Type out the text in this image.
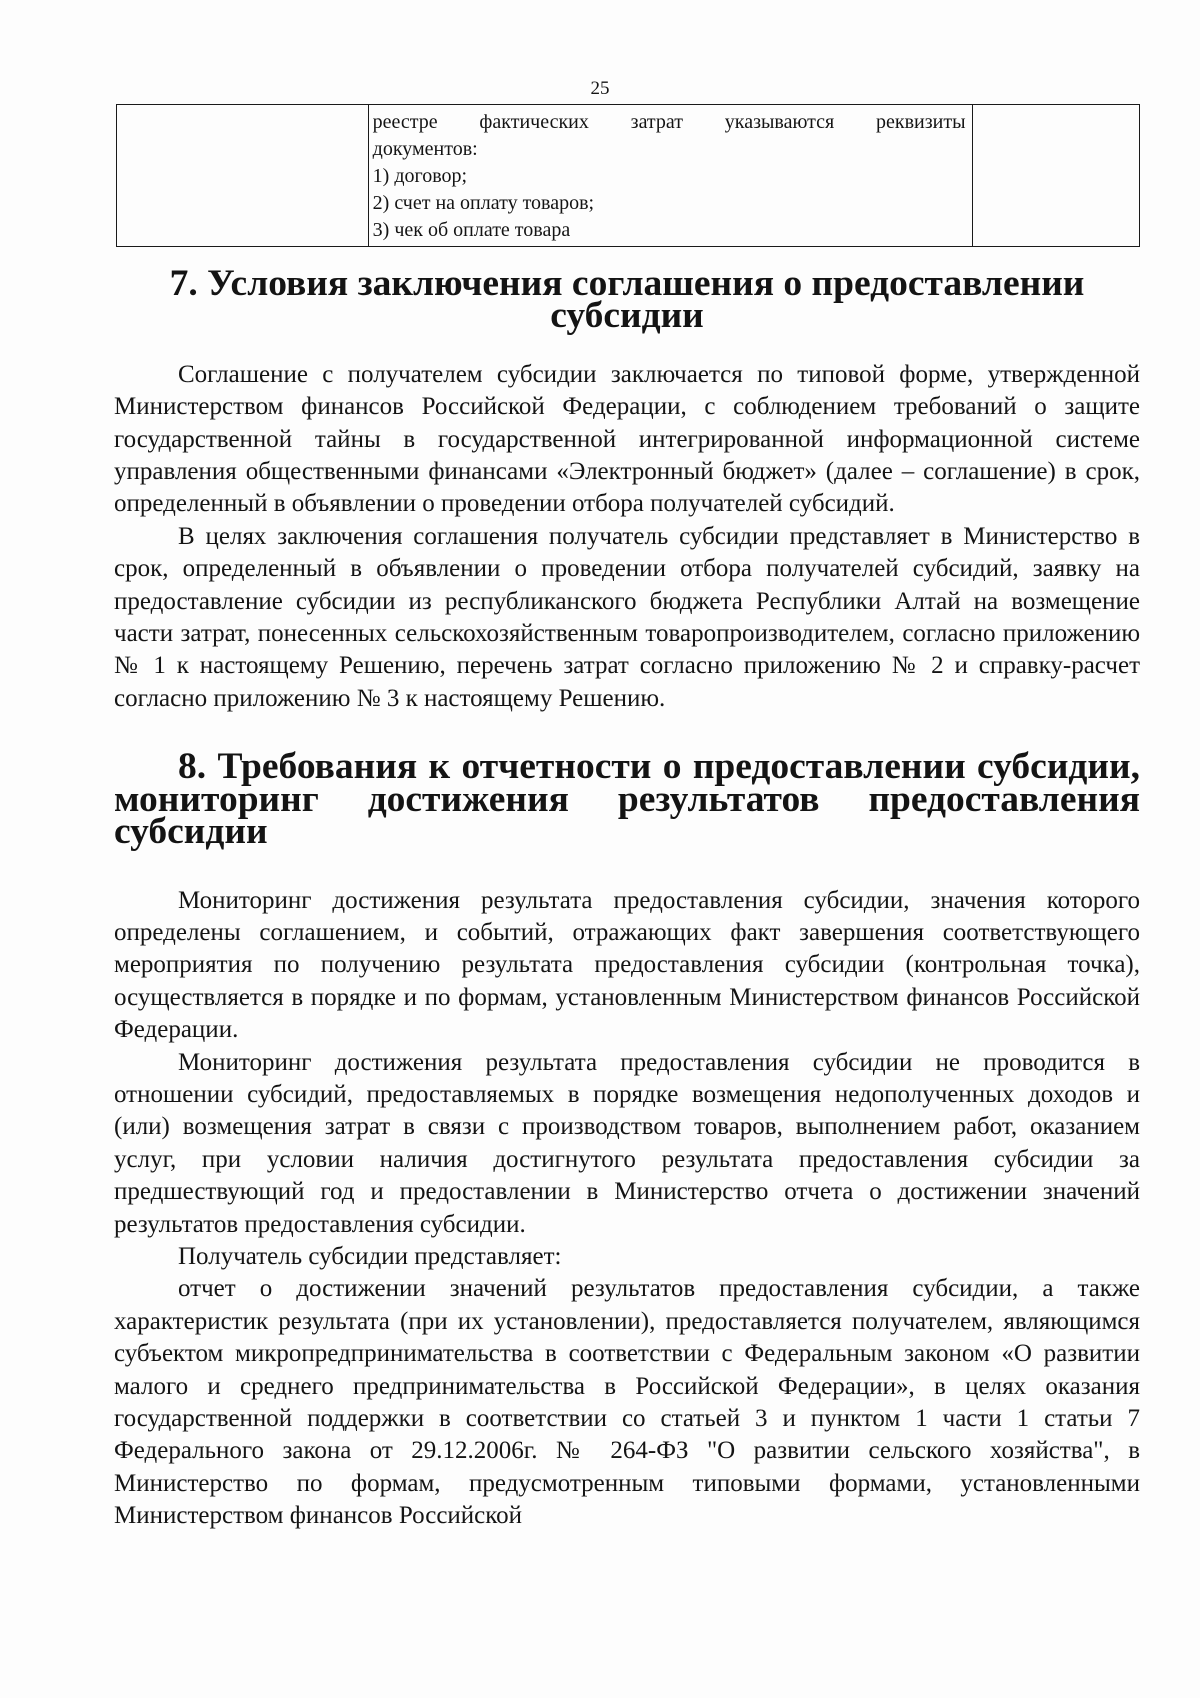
25

реестре фактических затрат указываются реквизиты
документов:
1) договор;
2) счет на оплату товаров;
3) чек об оплате товара

7. Условия заключения соглашения о предоставлении субсидии

Соглашение с получателем субсидии заключается по типовой форме, утвержденной Министерством финансов Российской Федерации, с соблюдением требований о защите государственной тайны в государственной интегрированной информационной системе управления общественными финансами «Электронный бюджет» (далее – соглашение) в срок, определенный в объявлении о проведении отбора получателей субсидий.

В целях заключения соглашения получатель субсидии представляет в Министерство в срок, определенный в объявлении о проведении отбора получателей субсидий, заявку на предоставление субсидии из республиканского бюджета Республики Алтай на возмещение части затрат, понесенных сельскохозяйственным товаропроизводителем, согласно приложению № 1 к настоящему Решению, перечень затрат согласно приложению № 2 и справку-расчет согласно приложению № 3 к настоящему Решению.

8. Требования к отчетности о предоставлении субсидии, мониторинг достижения результатов предоставления субсидии

Мониторинг достижения результата предоставления субсидии, значения которого определены соглашением, и событий, отражающих факт завершения соответствующего мероприятия по получению результата предоставления субсидии (контрольная точка), осуществляется в порядке и по формам, установленным Министерством финансов Российской Федерации.

Мониторинг достижения результата предоставления субсидии не проводится в отношении субсидий, предоставляемых в порядке возмещения недополученных доходов и (или) возмещения затрат в связи с производством товаров, выполнением работ, оказанием услуг, при условии наличия достигнутого результата предоставления субсидии за предшествующий год и предоставлении в Министерство отчета о достижении значений результатов предоставления субсидии.

Получатель субсидии представляет:

отчет о достижении значений результатов предоставления субсидии, а также характеристик результата (при их установлении), предоставляется получателем, являющимся субъектом микропредпринимательства в соответствии с Федеральным законом «О развитии малого и среднего предпринимательства в Российской Федерации», в целях оказания государственной поддержки в соответствии со статьей 3 и пунктом 1 части 1 статьи 7 Федерального закона от 29.12.2006г. № 264-ФЗ "О развитии сельского хозяйства", в Министерство по формам, предусмотренным типовыми формами, установленными Министерством финансов Российской
